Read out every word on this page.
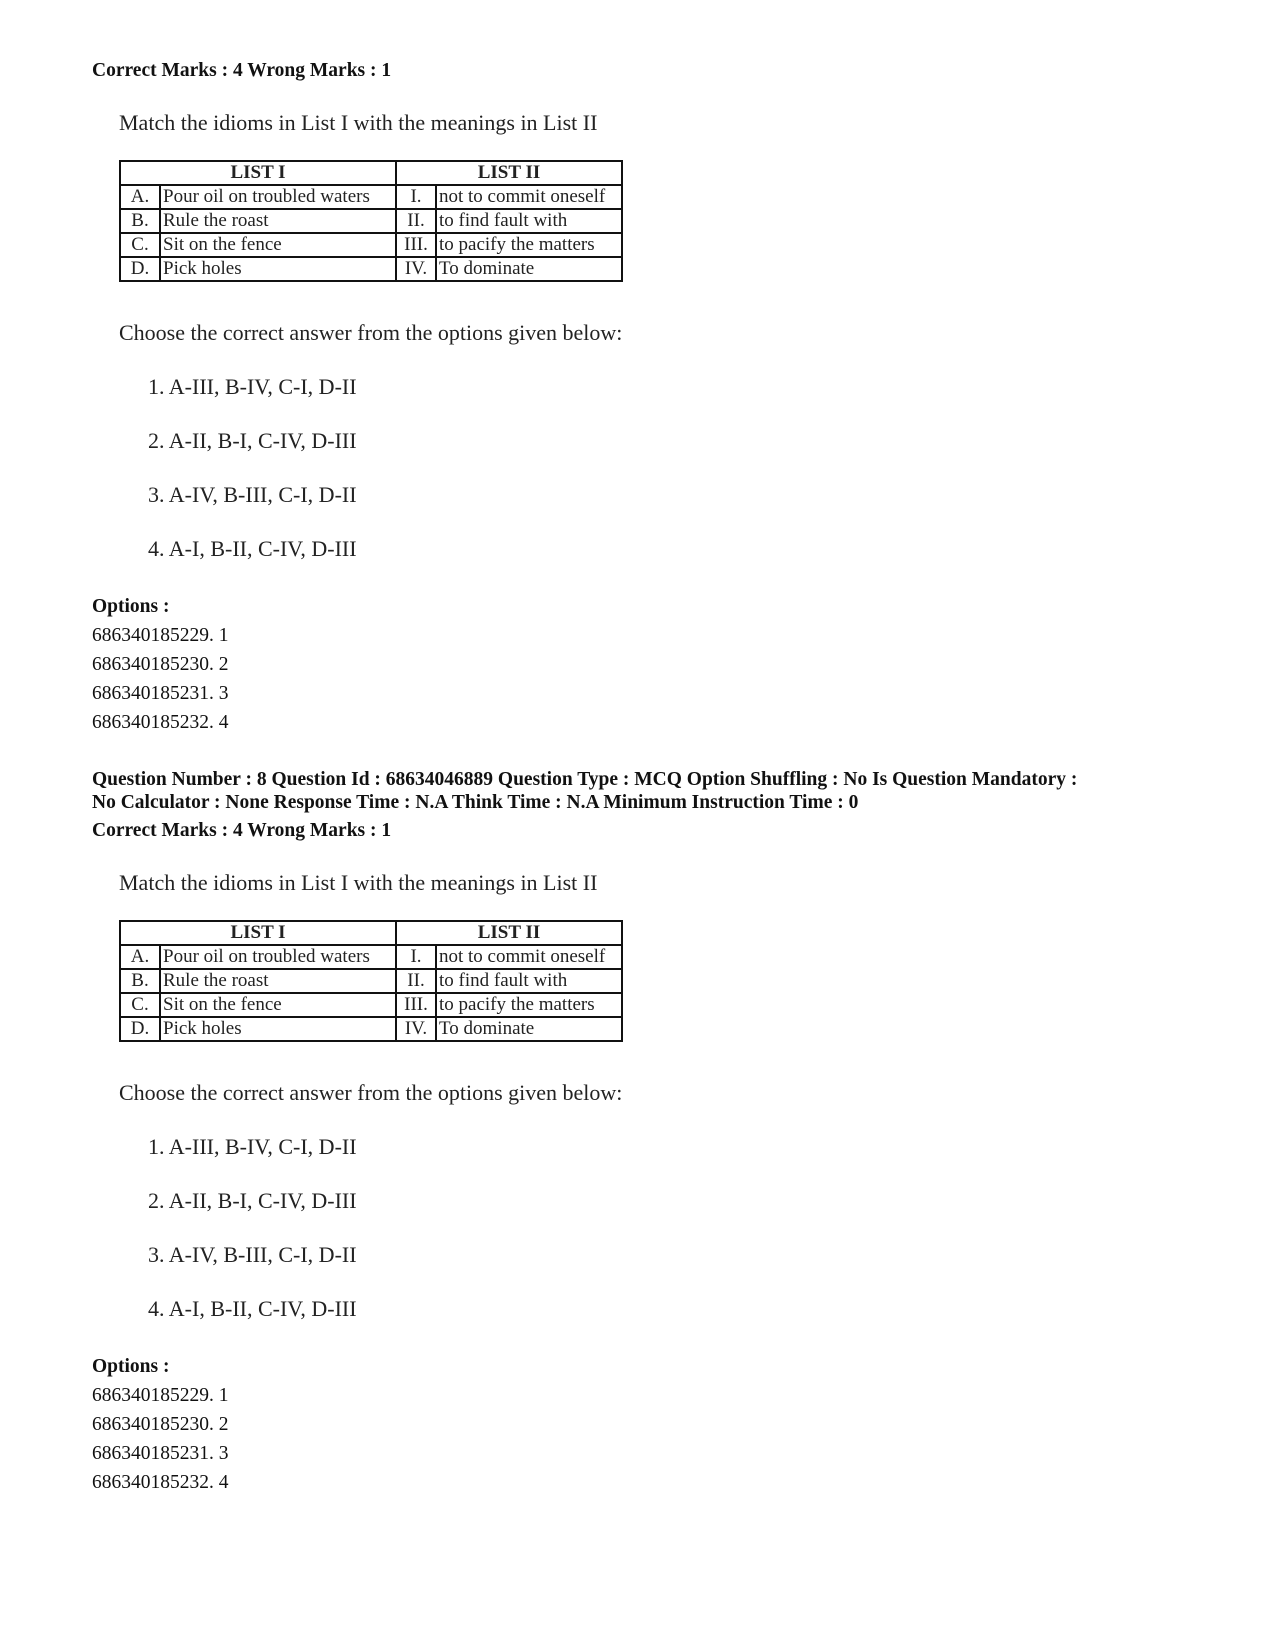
Correct Marks : 4 Wrong Marks : 1
Match the idioms in List I with the meanings in List II
LIST I		LIST II	
A.	Pour oil on troubled waters	I.	not to commit oneself
B.	Rule the roast	II.	to find fault with
C.	Sit on the fence	III.	to pacify the matters
D.	Pick holes	IV.	To dominate
Choose the correct answer from the options given below:
1. A-III, B-IV, C-I, D-II
2. A-II, B-I, C-IV, D-III
3. A-IV, B-III, C-I, D-II
4. A-I, B-II, C-IV, D-III
Options :
686340185229. 1
686340185230. 2
686340185231. 3
686340185232. 4
Question Number : 8 Question Id : 68634046889 Question Type : MCQ Option Shuffling : No Is Question Mandatory :
No Calculator : None Response Time : N.A Think Time : N.A Minimum Instruction Time : 0
Correct Marks : 4 Wrong Marks : 1
Match the idioms in List I with the meanings in List II
LIST I		LIST II	
A.	Pour oil on troubled waters	I.	not to commit oneself
B.	Rule the roast	II.	to find fault with
C.	Sit on the fence	III.	to pacify the matters
D.	Pick holes	IV.	To dominate
Choose the correct answer from the options given below:
1. A-III, B-IV, C-I, D-II
2. A-II, B-I, C-IV, D-III
3. A-IV, B-III, C-I, D-II
4. A-I, B-II, C-IV, D-III
Options :
686340185229. 1
686340185230. 2
686340185231. 3
686340185232. 4
